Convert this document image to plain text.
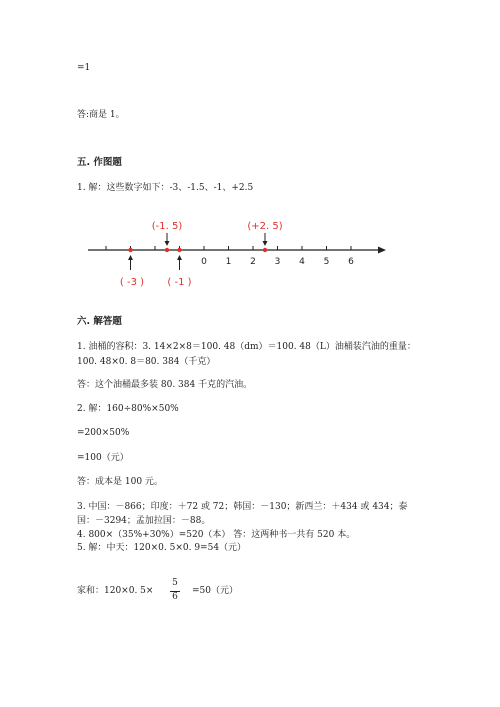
=1
答:商是 1。
五. 作图题
1. 解：这些数字如下：-3、-1.5、-1、+2.5
0 1 2 3 4 5 6
(-1. 5)	(+2. 5)
( -3 ) ( -1 )
六. 解答题
1. 油桶的容积：3. 14×2×8＝100. 48（dm）＝100. 48（L）油桶装汽油的重量：
100. 48×0. 8＝80. 384（千克）
答：这个油桶最多装 80. 384 千克的汽油。
2. 解：160÷80%×50%
=200×50%
=100（元）
答：成本是 100 元。
3. 中国：－866；印度：＋72 或 72；韩国：－130；新西兰：＋434 或 434；泰
国：－3294；孟加拉国：－88。
4. 800×（35%+30%）=520（本） 答：这两种书一共有 520 本。
5. 解：中天：120×0. 5×0. 9=54（元）
家和：120×0. 5×
5
6
=50（元）
